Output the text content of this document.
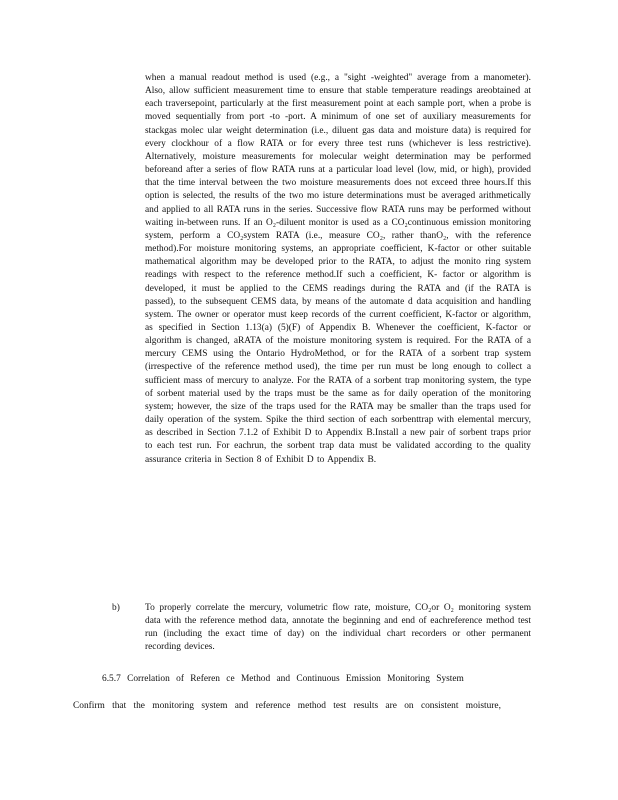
when a manual readout method is used (e.g., a "sight -weighted" average from a manometer). Also, allow sufficient measurement time to ensure that stable temperature readings areobtained at each traversepoint, particularly at the first measurement point at each sample port, when a probe is moved sequentially from port -to -port. A minimum of one set of auxiliary measurements for stackgas molec ular weight determination (i.e., diluent gas data and moisture data) is required for every clockhour of a flow RATA or for every three test runs (whichever is less restrictive). Alternatively, moisture measurements for molecular weight determination may be performed beforeand after a series of flow RATA runs at a particular load level (low, mid, or high), provided that the time interval between the two moisture measurements does not exceed three hours.If this option is selected, the results of the two mo isture determinations must be averaged arithmetically and applied to all RATA runs in the series. Successive flow RATA runs may be performed without waiting in-between runs. If an O₂-diluent monitor is used as a CO₂continuous emission monitoring system, perform a CO₂system RATA (i.e., measure CO₂, rather thanO₂, with the reference method).For moisture monitoring systems, an appropriate coefficient, K-factor or other suitable mathematical algorithm may be developed prior to the RATA, to adjust the monito ring system readings with respect to the reference method.If such a coefficient, K- factor or algorithm is developed, it must be applied to the CEMS readings during the RATA and (if the RATA is passed), to the subsequent CEMS data, by means of the automate d data acquisition and handling system. The owner or operator must keep records of the current coefficient, K-factor or algorithm, as specified in Section 1.13(a) (5)(F) of Appendix B. Whenever the coefficient, K-factor or algorithm is changed, aRATA of the moisture monitoring system is required. For the RATA of a mercury CEMS using the Ontario HydroMethod, or for the RATA of a sorbent trap system (irrespective of the reference method used), the time per run must be long enough to collect a sufficient mass of mercury to analyze. For the RATA of a sorbent trap monitoring system, the type of sorbent material used by the traps must be the same as for daily operation of the monitoring system; however, the size of the traps used for the RATA may be smaller than the traps used for daily operation of the system. Spike the third section of each sorbenttrap with elemental mercury, as described in Section 7.1.2 of Exhibit D to Appendix B.Install a new pair of sorbent traps prior to each test run. For eachrun, the sorbent trap data must be validated according to the quality assurance criteria in Section 8 of Exhibit D to Appendix B.

b)	To properly correlate the mercury, volumetric flow rate, moisture, CO₂or O₂ monitoring system data with the reference method data, annotate the beginning and end of eachreference method test run (including the exact time of day) on the individual chart recorders or other permanent recording devices.
6.5.7 Correlation of Referen ce Method and Continuous Emission Monitoring System
Confirm that the monitoring system and reference method test results are on consistent moisture,
